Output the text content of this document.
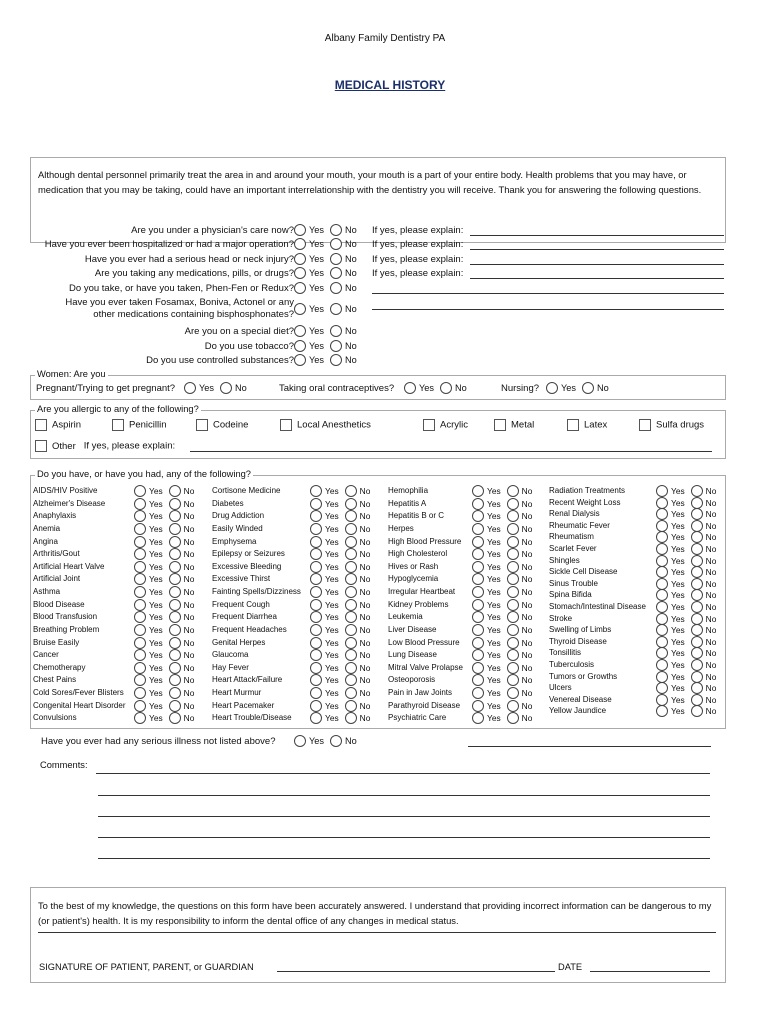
Albany Family Dentistry PA
MEDICAL HISTORY
Although dental personnel primarily treat the area in and around your mouth, your mouth is a part of your entire body. Health problems that you may have, or medication that you may be taking, could have an important interrelationship with the dentistry you will receive. Thank you for answering the following questions.
Are you under a physician's care now?	Yes No If yes, please explain:
Have you ever been hospitalized or had a major operation?	Yes No If yes, please explain:
Have you ever had a serious head or neck injury?	Yes No If yes, please explain:
Are you taking any medications, pills, or drugs?	Yes No If yes, please explain:
Do you take, or have you taken, Phen-Fen or Redux?	Yes No
Have you ever taken Fosamax, Boniva, Actonel or any
other medications containing bisphosphonates?
Are you on a special diet?	Yes No
Do you use tobacco?	Yes No
Do you use controlled substances?	Yes No
Yes No
Women: Are you
Pregnant/Trying to get pregnant?	Yes No	Taking oral contraceptives?	Yes No	Nursing?	Yes No
Are you allergic to any of the following?
Aspirin	Penicillin	Codeine	Local Anesthetics	Acrylic	Metal	Latex	Sulfa drugs
Other If yes, please explain:
Do you have, or have you had, any of the following?
AIDS/HIV Positive	Yes	No
Alzheimer's Disease	Yes	No
Anaphylaxis	Yes	No
Anemia	Yes	No
Angina	Yes	No
Arthritis/Gout	Yes	No
Artificial Heart Valve	Yes	No
Artificial Joint	Yes	No
Asthma	Yes	No
Blood Disease	Yes	No
Blood Transfusion	Yes	No
Breathing Problem	Yes	No
Bruise Easily	Yes	No
Cancer	Yes	No
Chemotherapy	Yes	No
Chest Pains	Yes	No
Cold Sores/Fever Blisters	Yes	No
Congenital Heart Disorder	Yes	No
Convulsions	Yes	No
Cortisone Medicine	Yes	No
Diabetes	Yes	No
Drug Addiction	Yes	No
Easily Winded	Yes	No
Emphysema	Yes	No
Epilepsy or Seizures	Yes	No
Excessive Bleeding	Yes	No
Excessive Thirst	Yes	No
Fainting Spells/Dizziness	Yes	No
Frequent Cough	Yes	No
Frequent Diarrhea	Yes	No
Frequent Headaches	Yes	No
Genital Herpes	Yes	No
Glaucoma	Yes	No
Hay Fever	Yes	No
Heart Attack/Failure	Yes	No
Heart Murmur	Yes	No
Heart Pacemaker	Yes	No
Heart Trouble/Disease	Yes	No
Hemophilia	Yes	No
Hepatitis A	Yes	No
Hepatitis B or C	Yes	No
Herpes	Yes	No
High Blood Pressure	Yes	No
High Cholesterol	Yes	No
Hives or Rash	Yes	No
Hypoglycemia	Yes	No
Irregular Heartbeat	Yes	No
Kidney Problems	Yes	No
Leukemia	Yes	No
Liver Disease	Yes	No
Low Blood Pressure	Yes	No
Lung Disease	Yes	No
Mitral Valve Prolapse	Yes	No
Osteoporosis	Yes	No
Pain in Jaw Joints	Yes	No
Parathyroid Disease	Yes	No
Psychiatric Care	Yes	No
Radiation Treatments	Yes	No
Recent Weight Loss	Yes	No
Renal Dialysis	Yes	No
Rheumatic Fever	Yes	No
Rheumatism	Yes	No
Scarlet Fever	Yes	No
Shingles	Yes	No
Sickle Cell Disease	Yes	No
Sinus Trouble	Yes	No
Spina Bifida	Yes	No
Stomach/Intestinal Disease	Yes	No
Stroke	Yes	No
Swelling of Limbs	Yes	No
Thyroid Disease	Yes	No
Tonsillitis	Yes	No
Tuberculosis	Yes	No
Tumors or Growths	Yes	No
Ulcers	Yes	No
Venereal Disease	Yes	No
Yellow Jaundice	Yes	No
Have you ever had any serious illness not listed above?	Yes No
Comments:
To the best of my knowledge, the questions on this form have been accurately answered. I understand that providing incorrect information can be dangerous to my (or patient's) health. It is my responsibility to inform the dental office of any changes in medical status.
SIGNATURE OF PATIENT, PARENT, or GUARDIAN	DATE
